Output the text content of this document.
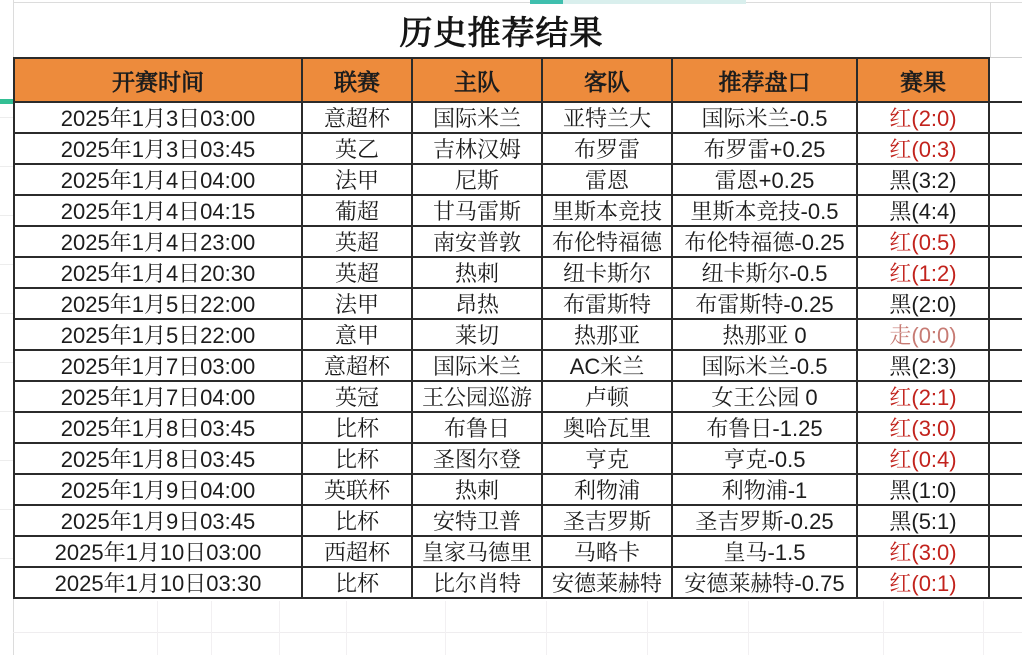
历史推荐结果
开赛时间	联赛	主队	客队	推荐盘口	赛果
2025年1月3日03:00	意超杯	国际米兰	亚特兰大	国际米兰-0.5	红(2:0)
2025年1月3日03:45	英乙	吉林汉姆	布罗雷	布罗雷+0.25	红(0:3)
2025年1月4日04:00	法甲	尼斯	雷恩	雷恩+0.25	黑(3:2)
2025年1月4日04:15	葡超	甘马雷斯	里斯本竞技	里斯本竞技-0.5	黑(4:4)
2025年1月4日23:00	英超	南安普敦	布伦特福德	布伦特福德-0.25	红(0:5)
2025年1月4日20:30	英超	热刺	纽卡斯尔	纽卡斯尔-0.5	红(1:2)
2025年1月5日22:00	法甲	昂热	布雷斯特	布雷斯特-0.25	黑(2:0)
2025年1月5日22:00	意甲	莱切	热那亚	热那亚 0	走(0:0)
2025年1月7日03:00	意超杯	国际米兰	AC米兰	国际米兰-0.5	黑(2:3)
2025年1月7日04:00	英冠	王公园巡游	卢顿	女王公园 0	红(2:1)
2025年1月8日03:45	比杯	布鲁日	奥哈瓦里	布鲁日-1.25	红(3:0)
2025年1月8日03:45	比杯	圣图尔登	亨克	亨克-0.5	红(0:4)
2025年1月9日04:00	英联杯	热刺	利物浦	利物浦-1	黑(1:0)
2025年1月9日03:45	比杯	安特卫普	圣吉罗斯	圣吉罗斯-0.25	黑(5:1)
2025年1月10日03:00	西超杯	皇家马德里	马略卡	皇马-1.5	红(3:0)
2025年1月10日03:30	比杯	比尔肖特	安德莱赫特	安德莱赫特-0.75	红(0:1)
